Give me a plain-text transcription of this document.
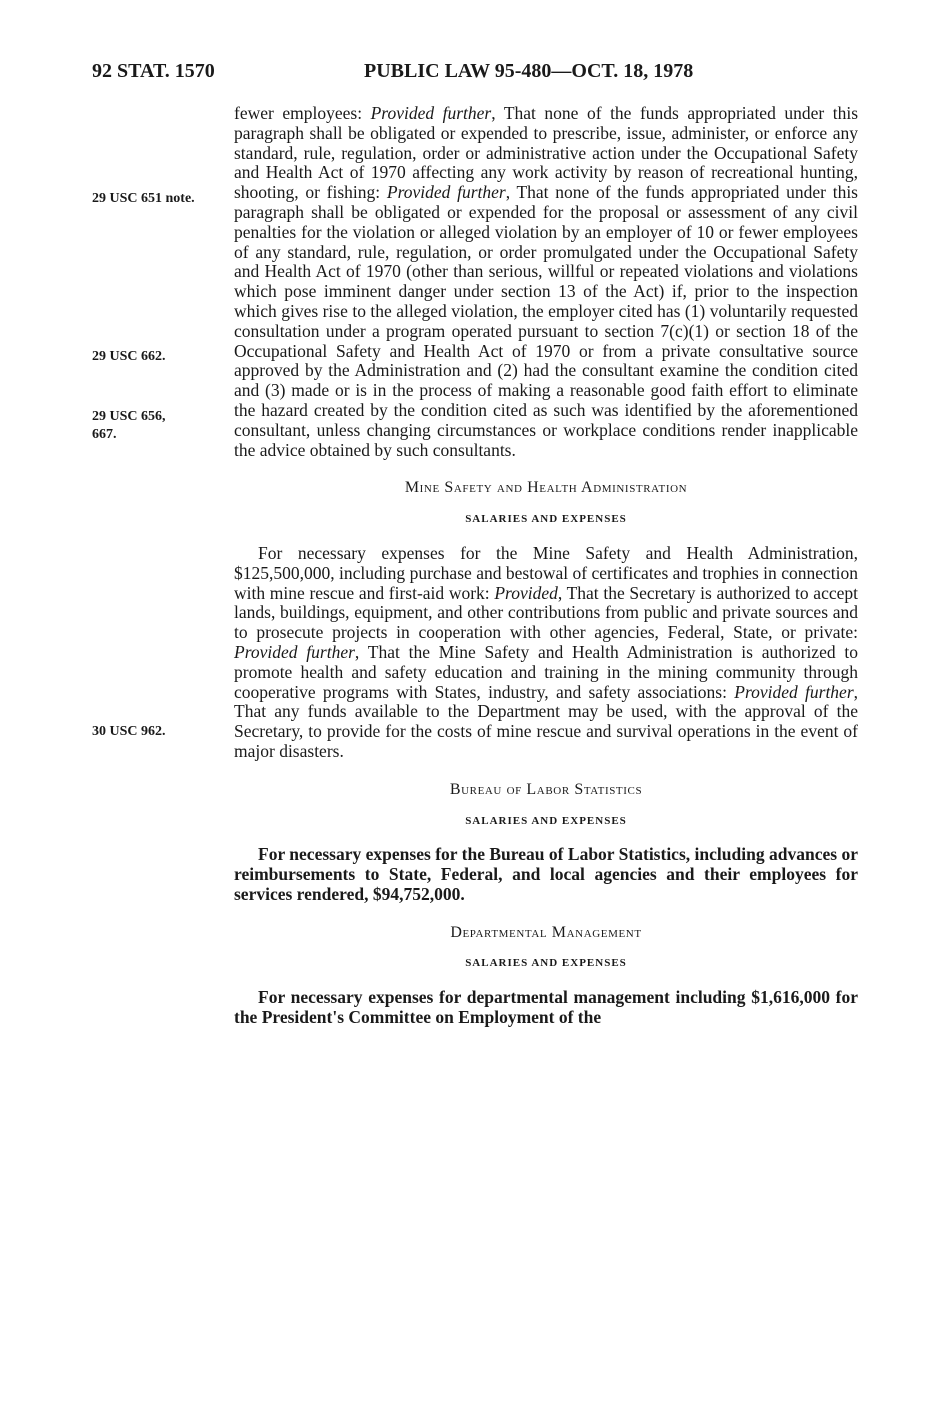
92 STAT. 1570	PUBLIC LAW 95-480—OCT. 18, 1978
29 USC 651 note.
29 USC 662.
29 USC 656,
667.
30 USC 962.

fewer employees: Provided further, That none of the funds appropriated under this paragraph shall be obligated or expended to prescribe, issue, administer, or enforce any standard, rule, regulation, order or administrative action under the Occupational Safety and Health Act of 1970 affecting any work activity by reason of recreational hunting, shooting, or fishing: Provided further, That none of the funds appropriated under this paragraph shall be obligated or expended for the proposal or assessment of any civil penalties for the violation or alleged violation by an employer of 10 or fewer employees of any standard, rule, regulation, or order promulgated under the Occupational Safety and Health Act of 1970 (other than serious, willful or repeated violations and violations which pose imminent danger under section 13 of the Act) if, prior to the inspection which gives rise to the alleged violation, the employer cited has (1) voluntarily requested consultation under a program operated pursuant to section 7(c)(1) or section 18 of the Occupational Safety and Health Act of 1970 or from a private consultative source approved by the Administration and (2) had the consultant examine the condition cited and (3) made or is in the process of making a reasonable good faith effort to eliminate the hazard created by the condition cited as such was identified by the aforementioned consultant, unless changing circumstances or workplace conditions render inapplicable the advice obtained by such consultants.

Mine Safety and Health Administration

SALARIES AND EXPENSES

For necessary expenses for the Mine Safety and Health Administration, $125,500,000, including purchase and bestowal of certificates and trophies in connection with mine rescue and first-aid work: Provided, That the Secretary is authorized to accept lands, buildings, equipment, and other contributions from public and private sources and to prosecute projects in cooperation with other agencies, Federal, State, or private: Provided further, That the Mine Safety and Health Administration is authorized to promote health and safety education and training in the mining community through cooperative programs with States, industry, and safety associations: Provided further, That any funds available to the Department may be used, with the approval of the Secretary, to provide for the costs of mine rescue and survival operations in the event of major disasters.

Bureau of Labor Statistics

SALARIES AND EXPENSES

For necessary expenses for the Bureau of Labor Statistics, including advances or reimbursements to State, Federal, and local agencies and their employees for services rendered, $94,752,000.

Departmental Management

SALARIES AND EXPENSES

For necessary expenses for departmental management including $1,616,000 for the President's Committee on Employment of the
